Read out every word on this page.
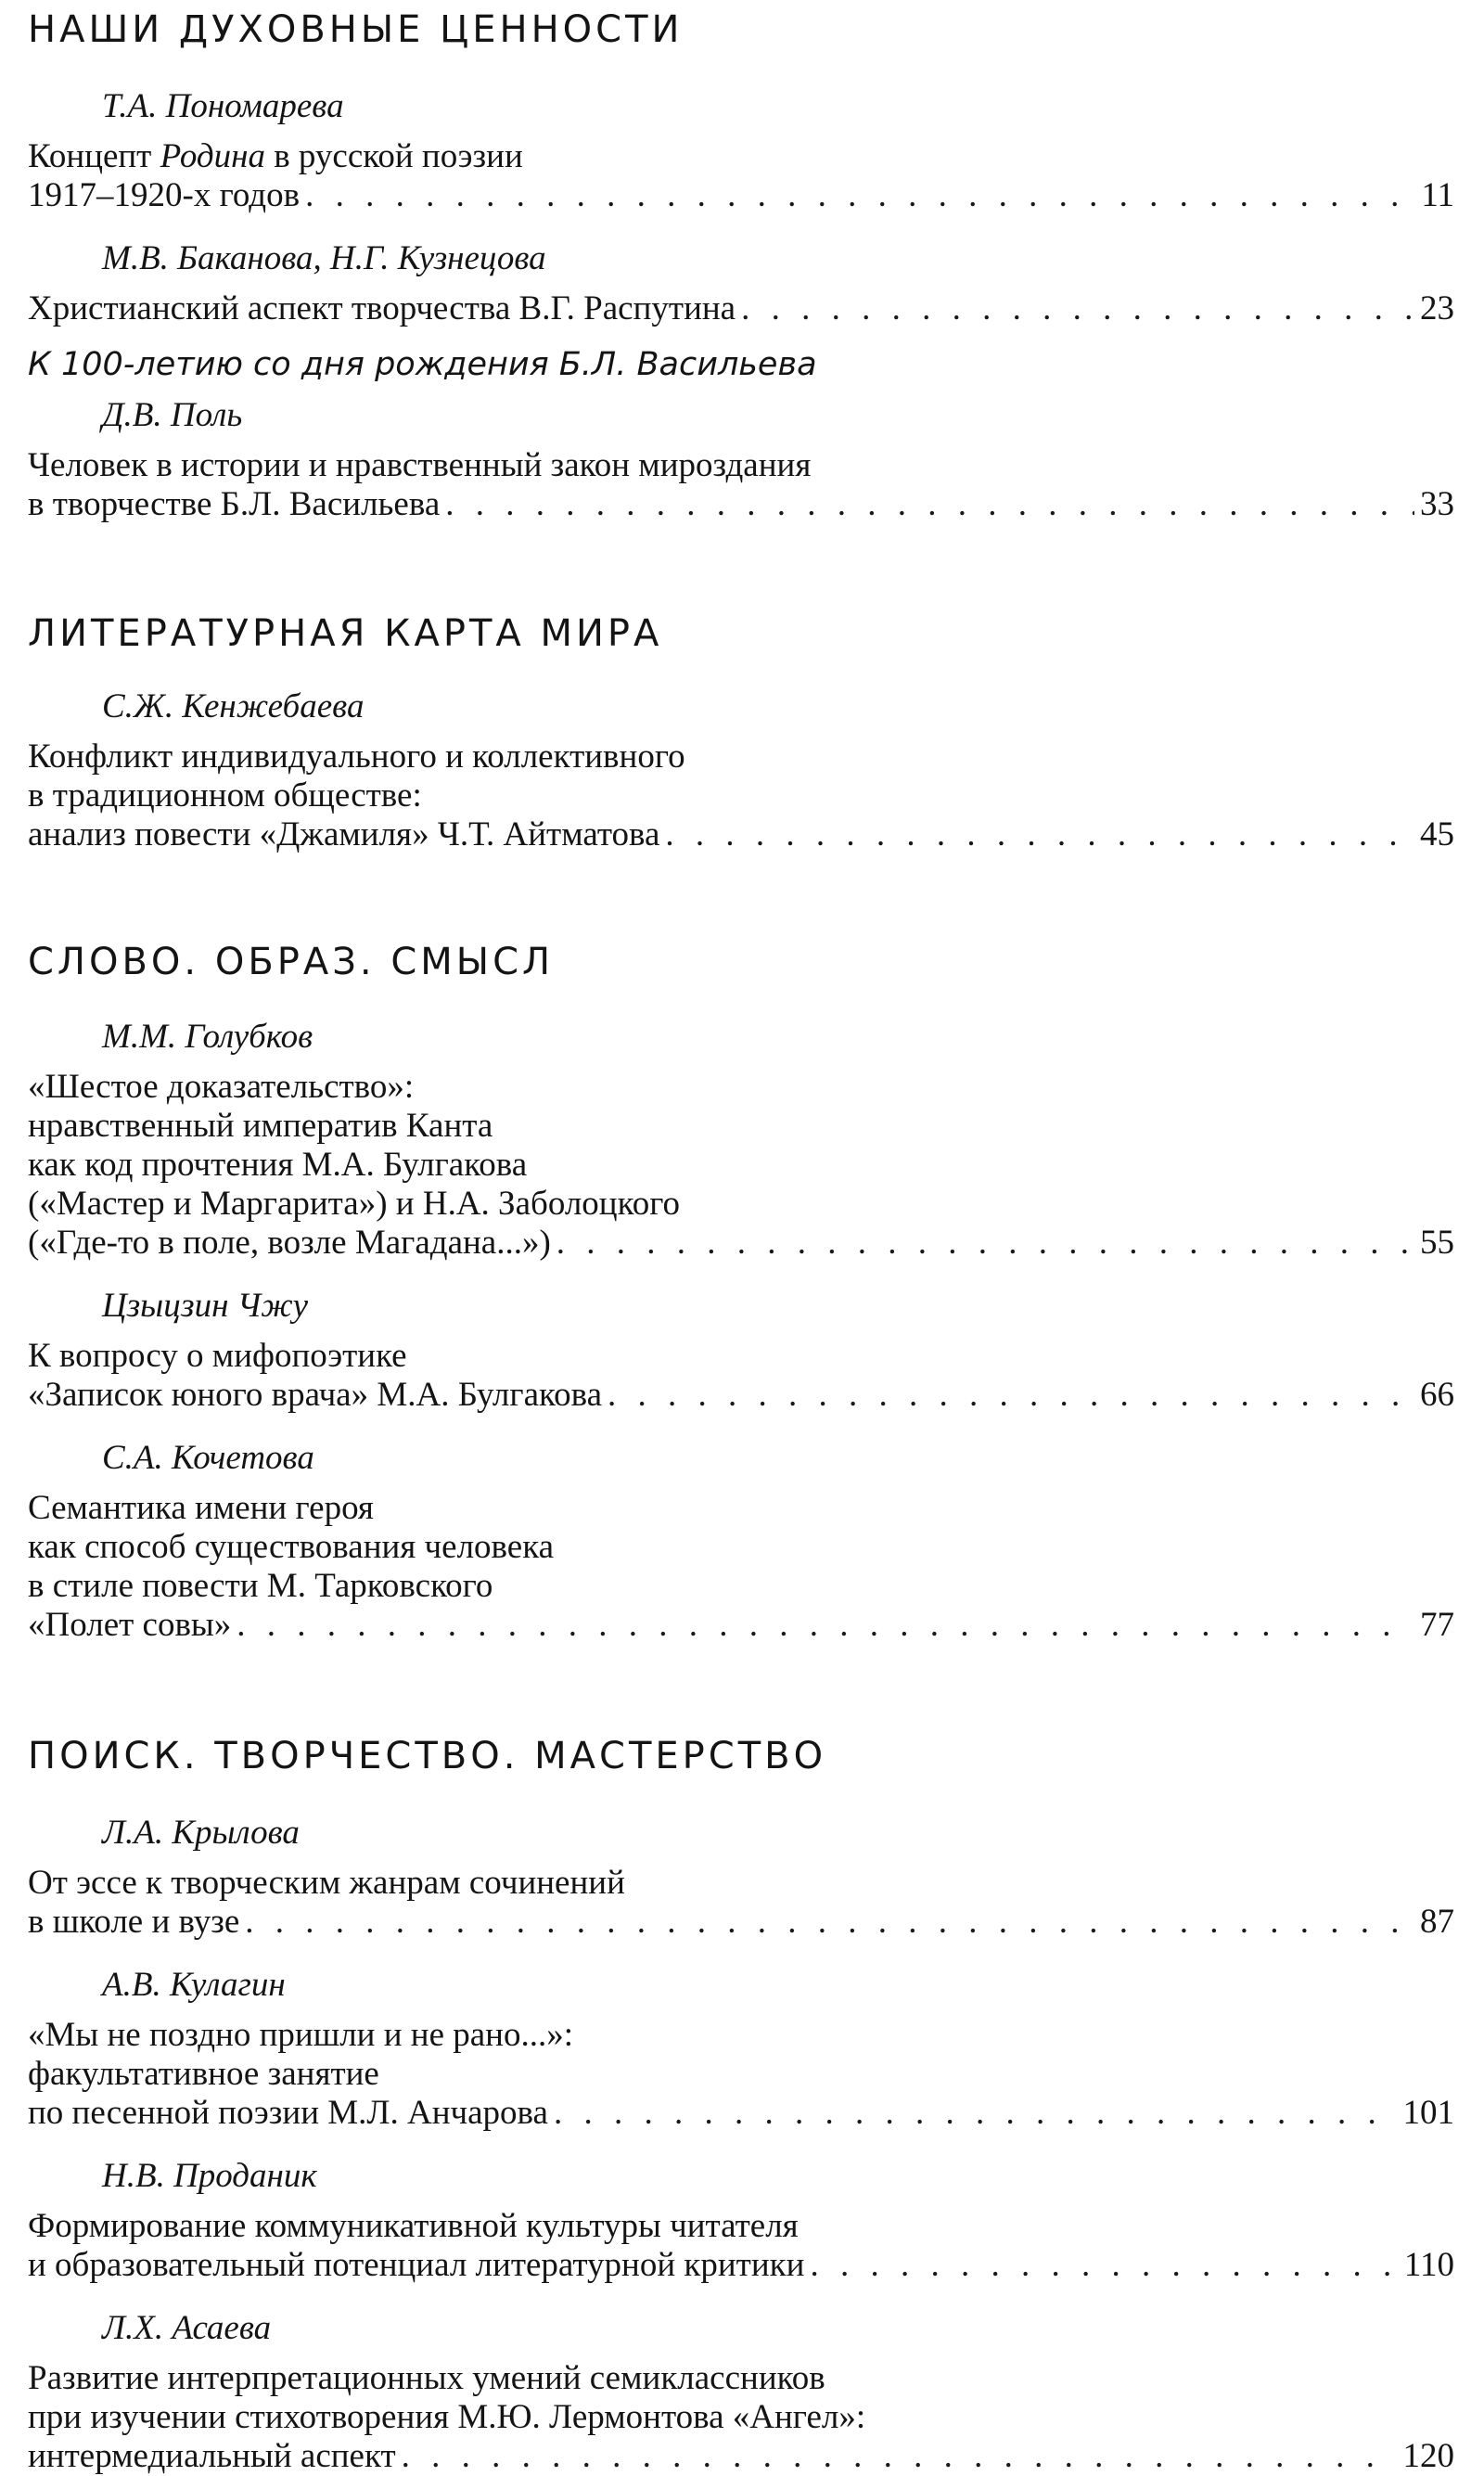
НАШИ ДУХОВНЫЕ ЦЕННОСТИ
Т.А. Пономарева
Концепт Родина в русской поэзии
1917–1920-х годов . . .	11
М.В. Баканова, Н.Г. Кузнецова
Христианский аспект творчества В.Г. Распутина . . .	23
К 100-летию со дня рождения Б.Л. Васильева
Д.В. Поль
Человек в истории и нравственный закон мироздания
в творчестве Б.Л. Васильева . . .	33
ЛИТЕРАТУРНАЯ КАРТА МИРА
С.Ж. Кенжебаева
Конфликт индивидуального и коллективного
в традиционном обществе:
анализ повести «Джамиля» Ч.Т. Айтматова . . .	45
СЛОВО. ОБРАЗ. СМЫСЛ
М.М. Голубков
«Шестое доказательство»:
нравственный императив Канта
как код прочтения М.А. Булгакова
(«Мастер и Маргарита») и Н.А. Заболоцкого
(«Где-то в поле, возле Магадана...») . . .	55
Цзыцзин Чжу
К вопросу о мифопоэтике
«Записок юного врача» М.А. Булгакова . . .	66
С.А. Кочетова
Семантика имени героя
как способ существования человека
в стиле повести М. Тарковского
«Полет совы» . . .	77
ПОИСК. ТВОРЧЕСТВО. МАСТЕРСТВО
Л.А. Крылова
От эссе к творческим жанрам сочинений
в школе и вузе . . .	87
А.В. Кулагин
«Мы не поздно пришли и не рано...»:
факультативное занятие
по песенной поэзии М.Л. Анчарова . . .	101
Н.В. Проданик
Формирование коммуникативной культуры читателя
и образовательный потенциал литературной критики . . .	110
Л.Х. Асаева
Развитие интерпретационных умений семиклассников
при изучении стихотворения М.Ю. Лермонтова «Ангел»:
интермедиальный аспект . . .	120
